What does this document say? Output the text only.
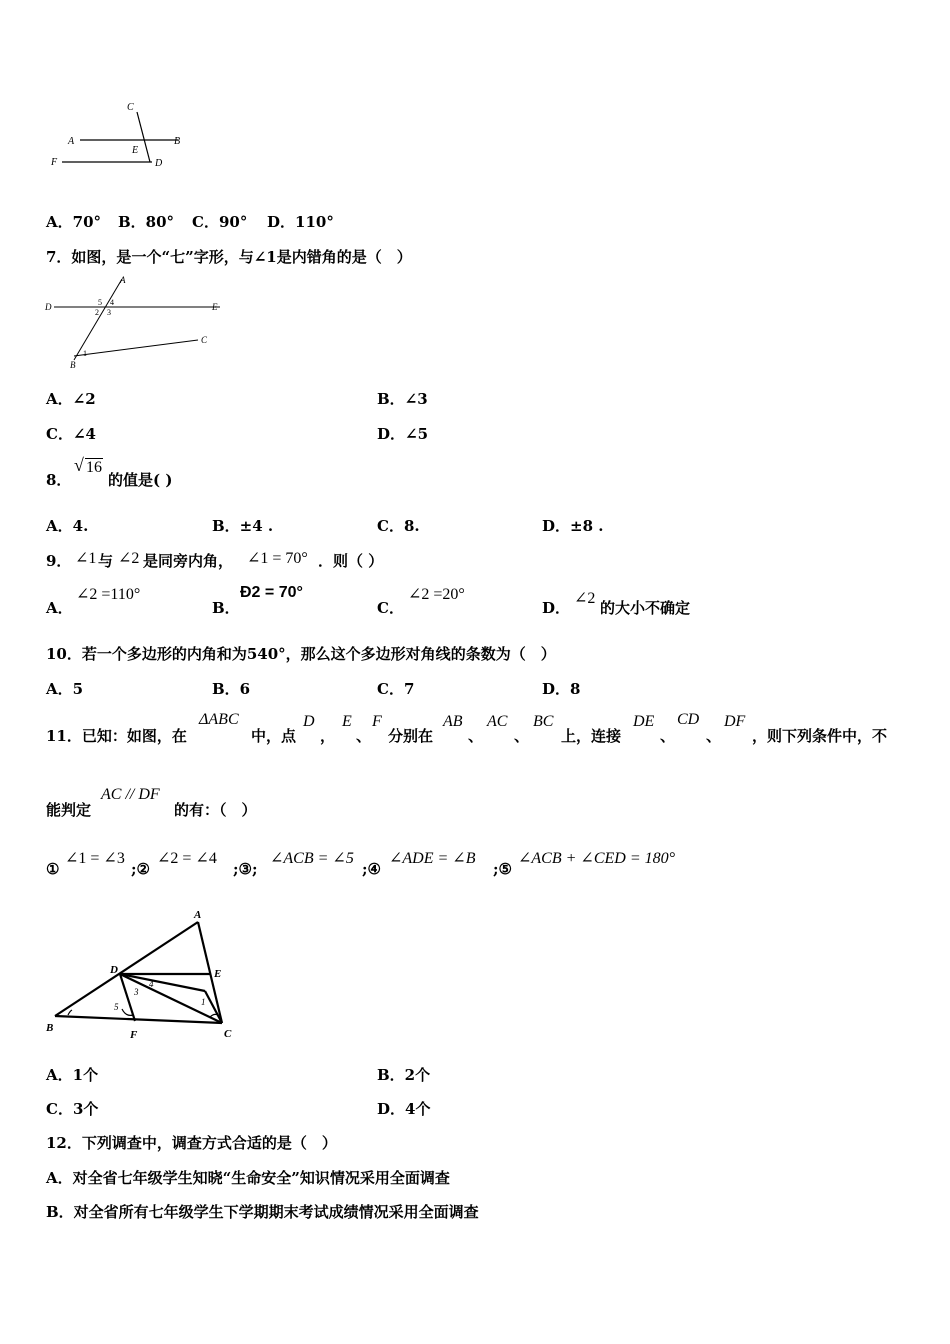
C
A	B
E
F	D
A．70° B．80° C．90° D．110°
7．如图，是一个“七”字形，与∠1是内错角的是（　）
A
D	E
B
C
1
2 3
4
5
A．∠2	B．∠3
C．∠4	D．∠5
8．
√ 16
的值是( )
A．4.	B．±4 .	C．8.	D．±8 .
9． ∠1 与 ∠2 是同旁内角， ∠1 = 70° ．则（ ）
A．
∠2 =110°
B．
Ð2 = 70°
C．
∠2 =20°
D．
∠2
的大小不确定
10．若一个多边形的内角和为540°，那么这个多边形对角线的条数为（　）
A．5	B．6	C．7	D．8
11．已知：如图，在
ΔABC
中，点
D
，
E
、
F
分别在
AB
、
AC
、
BC
上，连接
DE
、
CD
、
DF
，则下列条件中，不
能判定
AC // DF
的有：（　）
①
∠1 = ∠3
;②
∠2 = ∠4
;③;
∠ACB = ∠5
;④
∠ADE = ∠B
;⑤
∠ACB + ∠CED = 180°
A
D	E
B
F	C
1
3
4
5
A．1个	B．2个
C．3个	D．4个
12．下列调查中，调查方式合适的是（　）
A．对全省七年级学生知晓“生命安全”知识情况采用全面调查
B．对全省所有七年级学生下学期期末考试成绩情况采用全面调查
